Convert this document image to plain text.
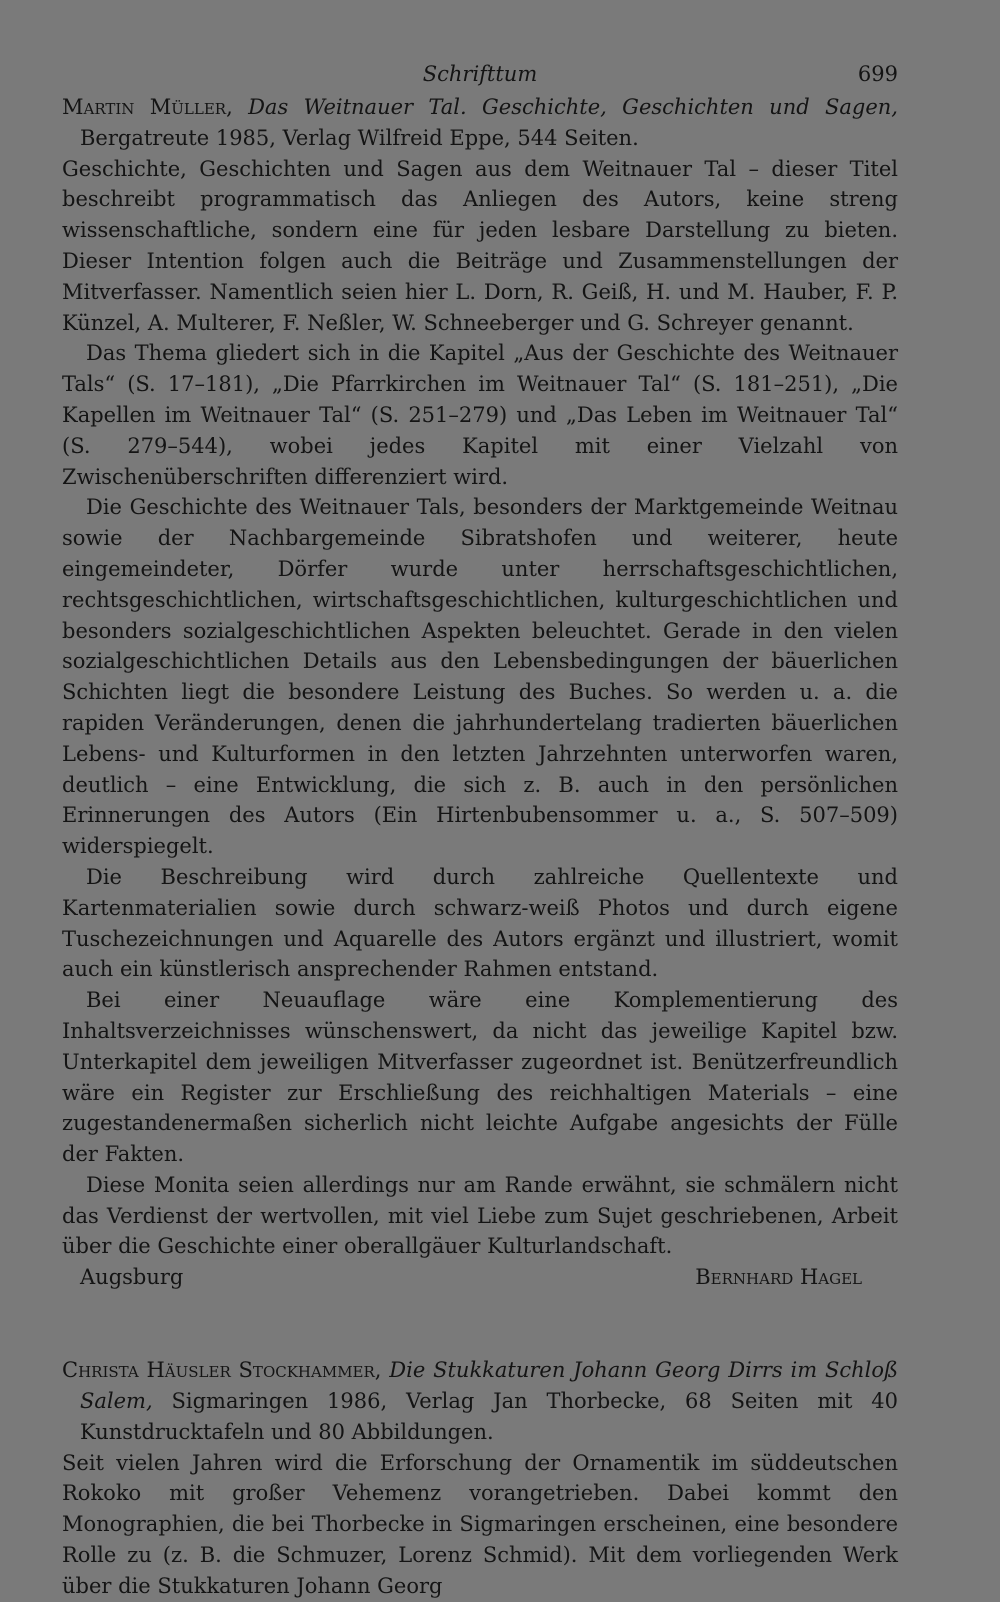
Schrifttum	699

Martin Müller, Das Weitnauer Tal. Geschichte, Geschichten und Sagen, Bergatreute 1985, Verlag Wilfreid Eppe, 544 Seiten.

Geschichte, Geschichten und Sagen aus dem Weitnauer Tal – dieser Titel beschreibt programmatisch das Anliegen des Autors, keine streng wissenschaftliche, sondern eine für jeden lesbare Darstellung zu bieten. Dieser Intention folgen auch die Beiträge und Zusammenstellungen der Mitverfasser. Namentlich seien hier L. Dorn, R. Geiß, H. und M. Hauber, F. P. Künzel, A. Multerer, F. Neßler, W. Schneeberger und G. Schreyer genannt.

Das Thema gliedert sich in die Kapitel „Aus der Geschichte des Weitnauer Tals“ (S. 17–181), „Die Pfarrkirchen im Weitnauer Tal“ (S. 181–251), „Die Kapellen im Weitnauer Tal“ (S. 251–279) und „Das Leben im Weitnauer Tal“ (S. 279–544), wobei jedes Kapitel mit einer Vielzahl von Zwischenüberschriften differenziert wird.

Die Geschichte des Weitnauer Tals, besonders der Marktgemeinde Weitnau sowie der Nachbargemeinde Sibratshofen und weiterer, heute eingemeindeter, Dörfer wurde unter herrschaftsgeschichtlichen, rechtsgeschichtlichen, wirtschaftsgeschichtlichen, kulturgeschichtlichen und besonders sozialgeschichtlichen Aspekten beleuchtet. Gerade in den vielen sozialgeschichtlichen Details aus den Lebensbedingungen der bäuerlichen Schichten liegt die besondere Leistung des Buches. So werden u. a. die rapiden Veränderungen, denen die jahrhundertelang tradierten bäuerlichen Lebens- und Kulturformen in den letzten Jahrzehnten unterworfen waren, deutlich – eine Entwicklung, die sich z. B. auch in den persönlichen Erinnerungen des Autors (Ein Hirtenbubensommer u. a., S. 507–509) widerspiegelt.

Die Beschreibung wird durch zahlreiche Quellentexte und Kartenmaterialien sowie durch schwarz-weiß Photos und durch eigene Tuschezeichnungen und Aquarelle des Autors ergänzt und illustriert, womit auch ein künstlerisch ansprechender Rahmen entstand.

Bei einer Neuauflage wäre eine Komplementierung des Inhaltsverzeichnisses wünschenswert, da nicht das jeweilige Kapitel bzw. Unterkapitel dem jeweiligen Mitverfasser zugeordnet ist. Benützerfreundlich wäre ein Register zur Erschließung des reichhaltigen Materials – eine zugestandenermaßen sicherlich nicht leichte Aufgabe angesichts der Fülle der Fakten.

Diese Monita seien allerdings nur am Rande erwähnt, sie schmälern nicht das Verdienst der wertvollen, mit viel Liebe zum Sujet geschriebenen, Arbeit über die Geschichte einer oberallgäuer Kulturlandschaft.

Augsburg	Bernhard Hagel

Christa Häusler Stockhammer, Die Stukkaturen Johann Georg Dirrs im Schloß Salem, Sigmaringen 1986, Verlag Jan Thorbecke, 68 Seiten mit 40 Kunstdrucktafeln und 80 Abbildungen.

Seit vielen Jahren wird die Erforschung der Ornamentik im süddeutschen Rokoko mit großer Vehemenz vorangetrieben. Dabei kommt den Monographien, die bei Thorbecke in Sigmaringen erscheinen, eine besondere Rolle zu (z. B. die Schmuzer, Lorenz Schmid). Mit dem vorliegenden Werk über die Stukkaturen Johann Georg
